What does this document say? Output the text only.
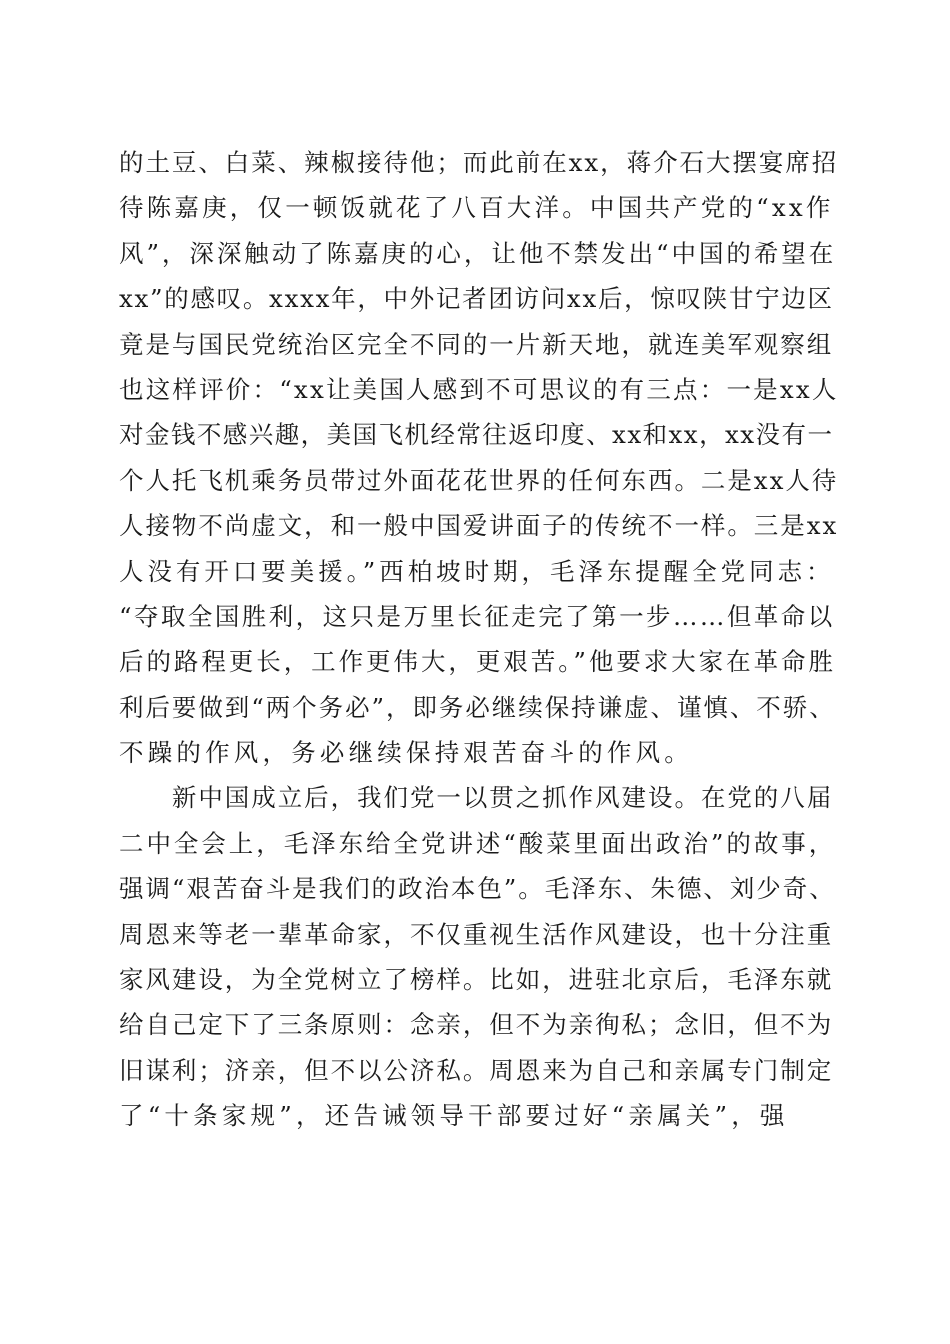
的土豆、白菜、辣椒接待他；而此前在xx，蒋介石大摆宴席招
待陈嘉庚，仅一顿饭就花了八百大洋。中国共产党的“xx作
风”，深深触动了陈嘉庚的心，让他不禁发出“中国的希望在
xx”的感叹。xxxx年，中外记者团访问xx后，惊叹陕甘宁边区
竟是与国民党统治区完全不同的一片新天地，就连美军观察组
也这样评价：“xx让美国人感到不可思议的有三点：一是xx人
对金钱不感兴趣，美国飞机经常往返印度、xx和xx，xx没有一
个人托飞机乘务员带过外面花花世界的任何东西。二是xx人待
人接物不尚虚文，和一般中国爱讲面子的传统不一样。三是xx
人没有开口要美援。”西柏坡时期，毛泽东提醒全党同志：
“夺取全国胜利，这只是万里长征走完了第一步……但革命以
后的路程更长，工作更伟大，更艰苦。”他要求大家在革命胜
利后要做到“两个务必”，即务必继续保持谦虚、谨慎、不骄、
不躁的作风，务必继续保持艰苦奋斗的作风。
　　新中国成立后，我们党一以贯之抓作风建设。在党的八届
二中全会上，毛泽东给全党讲述“酸菜里面出政治”的故事，
强调“艰苦奋斗是我们的政治本色”。毛泽东、朱德、刘少奇、
周恩来等老一辈革命家，不仅重视生活作风建设，也十分注重
家风建设，为全党树立了榜样。比如，进驻北京后，毛泽东就
给自己定下了三条原则：念亲，但不为亲徇私；念旧，但不为
旧谋利；济亲，但不以公济私。周恩来为自己和亲属专门制定
了“十条家规”，还告诫领导干部要过好“亲属关”，强
